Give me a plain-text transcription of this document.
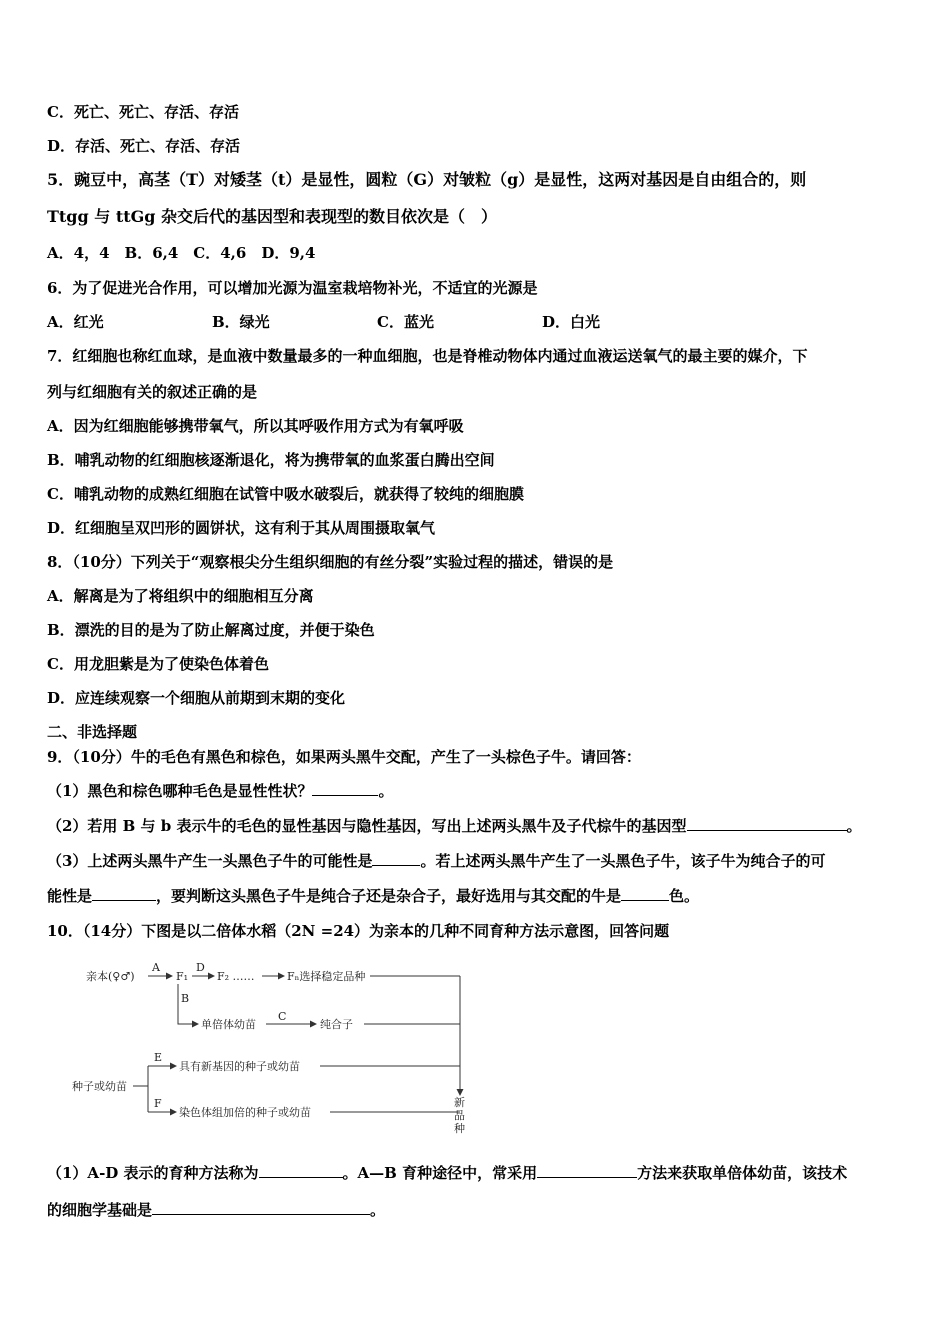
C．死亡、死亡、存活、存活
D．存活、死亡、存活、存活
5．豌豆中，高茎（T）对矮茎（t）是显性，圆粒（G）对皱粒（g）是显性，这两对基因是自由组合的，则
Ttgg 与 ttGg 杂交后代的基因型和表现型的数目依次是（　）
A．4，4　B．6,4　C．4,6　D．9,4
6．为了促进光合作用，可以增加光源为温室栽培物补光，不适宜的光源是
A．红光	B．绿光	C．蓝光	D．白光
7．红细胞也称红血球，是血液中数量最多的一种血细胞，也是脊椎动物体内通过血液运送氧气的最主要的媒介，下
列与红细胞有关的叙述正确的是
A．因为红细胞能够携带氧气，所以其呼吸作用方式为有氧呼吸
B．哺乳动物的红细胞核逐渐退化，将为携带氧的血浆蛋白腾出空间
C．哺乳动物的成熟红细胞在试管中吸水破裂后，就获得了较纯的细胞膜
D．红细胞呈双凹形的圆饼状，这有利于其从周围摄取氧气
8．（10分）下列关于“观察根尖分生组织细胞的有丝分裂”实验过程的描述，错误的是
A．解离是为了将组织中的细胞相互分离
B．漂洗的目的是为了防止解离过度，并便于染色
C．用龙胆紫是为了使染色体着色
D．应连续观察一个细胞从前期到末期的变化
二、非选择题
9．（10分）牛的毛色有黑色和棕色，如果两头黑牛交配，产生了一头棕色子牛。请回答：
（1）黑色和棕色哪种毛色是显性性状？	。
（2）若用 B 与 b 表示牛的毛色的显性基因与隐性基因，写出上述两头黑牛及子代棕牛的基因型	。
（3）上述两头黑牛产生一头黑色子牛的可能性是	。若上述两头黑牛产生了一头黑色子牛，该子牛为纯合子的可
能性是	，要判断这头黑色子牛是纯合子还是杂合子，最好选用与其交配的牛是	色。
10．（14分）下图是以二倍体水稻（2N =24）为亲本的几种不同育种方法示意图，回答问题
亲本(♀♂)
A
F₁
D
F₂ ……	Fₙ选择稳定品种
B
单倍体幼苗
C
纯合子
种子或幼苗
E
具有新基因的种子或幼苗
F
染色体组加倍的种子或幼苗
新
品
种
（1）A-D 表示的育种方法称为	。A—B 育种途径中，常采用	方法来获取单倍体幼苗，该技术
的细胞学基础是	。
